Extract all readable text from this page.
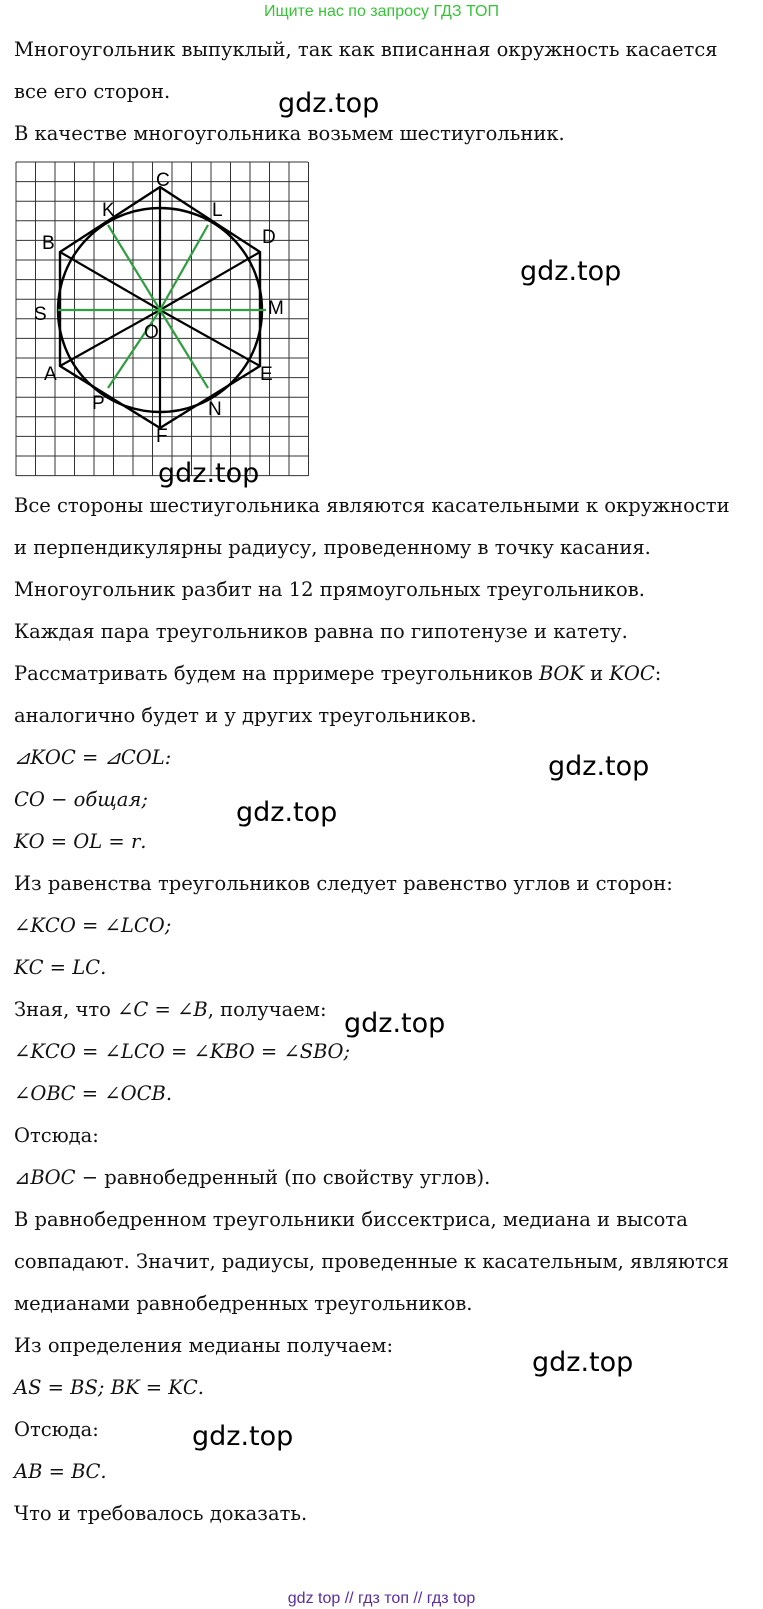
Ищите нас по запросу ГДЗ ТОП
Многоугольник выпуклый, так как вписанная окружность касается
все его сторон.
В качестве многоугольника возьмем шестиугольник.
Все стороны шестиугольника являются касательными к окружности
и перпендикулярны радиусу, проведенному в точку касания.
Многоугольник разбит на 12 прямоугольных треугольников.
Каждая пара треугольников равна по гипотенузе и катету.
Рассматривать будем на прримере треугольников 𝐵𝑂𝐾 и 𝐾𝑂𝐶:
аналогично будет и у других треугольников.
⊿𝐾𝑂𝐶 = ⊿𝐶𝑂𝐿:
𝐶𝑂 − общая;
𝐾𝑂 = 𝑂𝐿 = 𝑟.
Из равенства треугольников следует равенство углов и сторон:
∠𝐾𝐶𝑂 = ∠𝐿𝐶𝑂;
𝐾𝐶 = 𝐿𝐶.
Зная, что ∠𝐶 = ∠𝐵, получаем:
∠𝐾𝐶𝑂 = ∠𝐿𝐶𝑂 = ∠𝐾𝐵𝑂 = ∠𝑆𝐵𝑂;
∠𝑂𝐵𝐶 = ∠𝑂𝐶𝐵.
Отсюда:
⊿𝐵𝑂𝐶 − равнобедренный (по свойству углов).
В равнобедренном треугольники биссектриса, медиана и высота
совпадают. Значит, радиусы, проведенные к касательным, являются
медианами равнобедренных треугольников.
Из определения медианы получаем:
𝐴𝑆 = 𝐵𝑆; 𝐵𝐾 = 𝐾𝐶.
Отсюда:
𝐴𝐵 = 𝐵𝐶.
Что и требовалось доказать.
C
K	L
B	D
S	M
O
A	E
P	N
F
gdz.top
gdz.top
gdz.top
gdz.top
gdz.top
gdz.top
gdz.top
gdz.top
gdz top // гдз топ // гдз top
